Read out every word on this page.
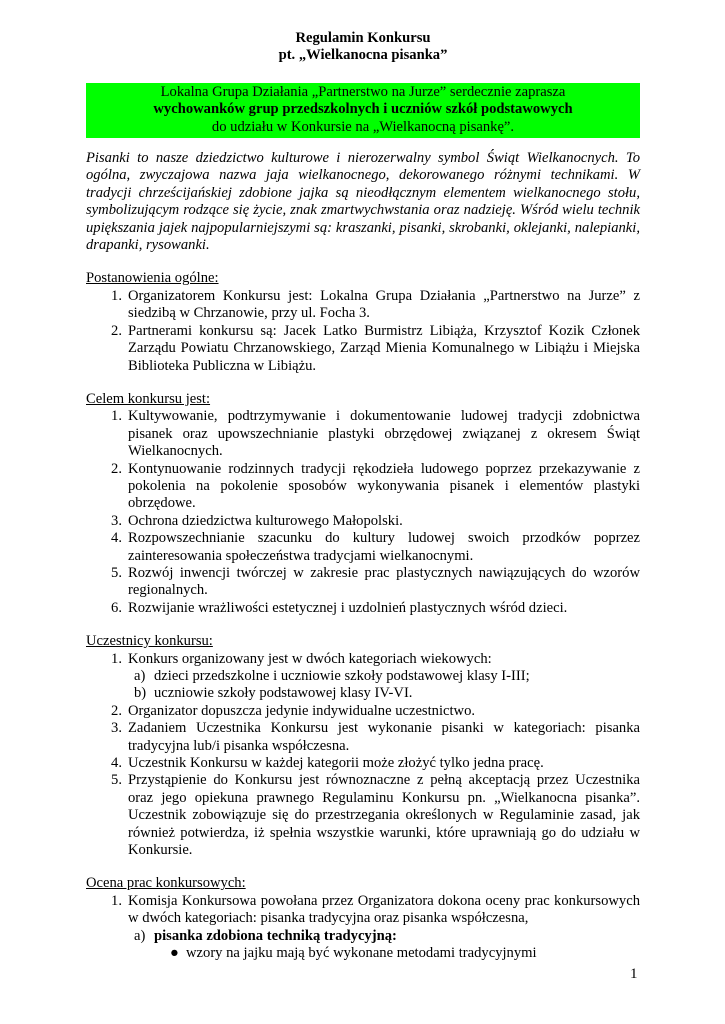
Regulamin Konkursu
pt. „Wielkanocna pisanka”
Lokalna Grupa Działania „Partnerstwo na Jurze” serdecznie zaprasza
wychowanków grup przedszkolnych i uczniów szkół podstawowych
do udziału w Konkursie na „Wielkanocną pisankę”.
Pisanki to nasze dziedzictwo kulturowe i nierozerwalny symbol Świąt Wielkanocnych. To ogólna, zwyczajowa nazwa jaja wielkanocnego, dekorowanego różnymi technikami. W tradycji chrześcijańskiej zdobione jajka są nieodłącznym elementem wielkanocnego stołu, symbolizującym rodzące się życie, znak zmartwychwstania oraz nadzieję. Wśród wielu technik upiększania jajek najpopularniejszymi są: kraszanki, pisanki, skrobanki, oklejanki, nalepianki, drapanki, rysowanki.
Postanowienia ogólne:
1. Organizatorem Konkursu jest: Lokalna Grupa Działania „Partnerstwo na Jurze” z siedzibą w Chrzanowie, przy ul. Focha 3.
2. Partnerami konkursu są: Jacek Latko Burmistrz Libiąża, Krzysztof Kozik Członek Zarządu Powiatu Chrzanowskiego, Zarząd Mienia Komunalnego w Libiążu i Miejska Biblioteka Publiczna w Libiążu.
Celem konkursu jest:
1. Kultywowanie, podtrzymywanie i dokumentowanie ludowej tradycji zdobnictwa pisanek oraz upowszechnianie plastyki obrzędowej związanej z okresem Świąt Wielkanocnych.
2. Kontynuowanie rodzinnych tradycji rękodzieła ludowego poprzez przekazywanie z pokolenia na pokolenie sposobów wykonywania pisanek i elementów plastyki obrzędowe.
3. Ochrona dziedzictwa kulturowego Małopolski.
4. Rozpowszechnianie szacunku do kultury ludowej swoich przodków poprzez zainteresowania społeczeństwa tradycjami wielkanocnymi.
5. Rozwój inwencji twórczej w zakresie prac plastycznych nawiązujących do wzorów regionalnych.
6. Rozwijanie wrażliwości estetycznej i uzdolnień plastycznych wśród dzieci.
Uczestnicy konkursu:
1. Konkurs organizowany jest w dwóch kategoriach wiekowych:
a) dzieci przedszkolne i uczniowie szkoły podstawowej klasy I-III;
b) uczniowie szkoły podstawowej klasy IV-VI.
2. Organizator dopuszcza jedynie indywidualne uczestnictwo.
3. Zadaniem Uczestnika Konkursu jest wykonanie pisanki w kategoriach: pisanka tradycyjna lub/i pisanka współczesna.
4. Uczestnik Konkursu w każdej kategorii może złożyć tylko jedna pracę.
5. Przystąpienie do Konkursu jest równoznaczne z pełną akceptacją przez Uczestnika oraz jego opiekuna prawnego Regulaminu Konkursu pn. „Wielkanocna pisanka”. Uczestnik zobowiązuje się do przestrzegania określonych w Regulaminie zasad, jak również potwierdza, iż spełnia wszystkie warunki, które uprawniają go do udziału w Konkursie.
Ocena prac konkursowych:
1. Komisja Konkursowa powołana przez Organizatora dokona oceny prac konkursowych w dwóch kategoriach: pisanka tradycyjna oraz pisanka współczesna,
a) pisanka zdobiona techniką tradycyjną:
● wzory na jajku mają być wykonane metodami tradycyjnymi
1
